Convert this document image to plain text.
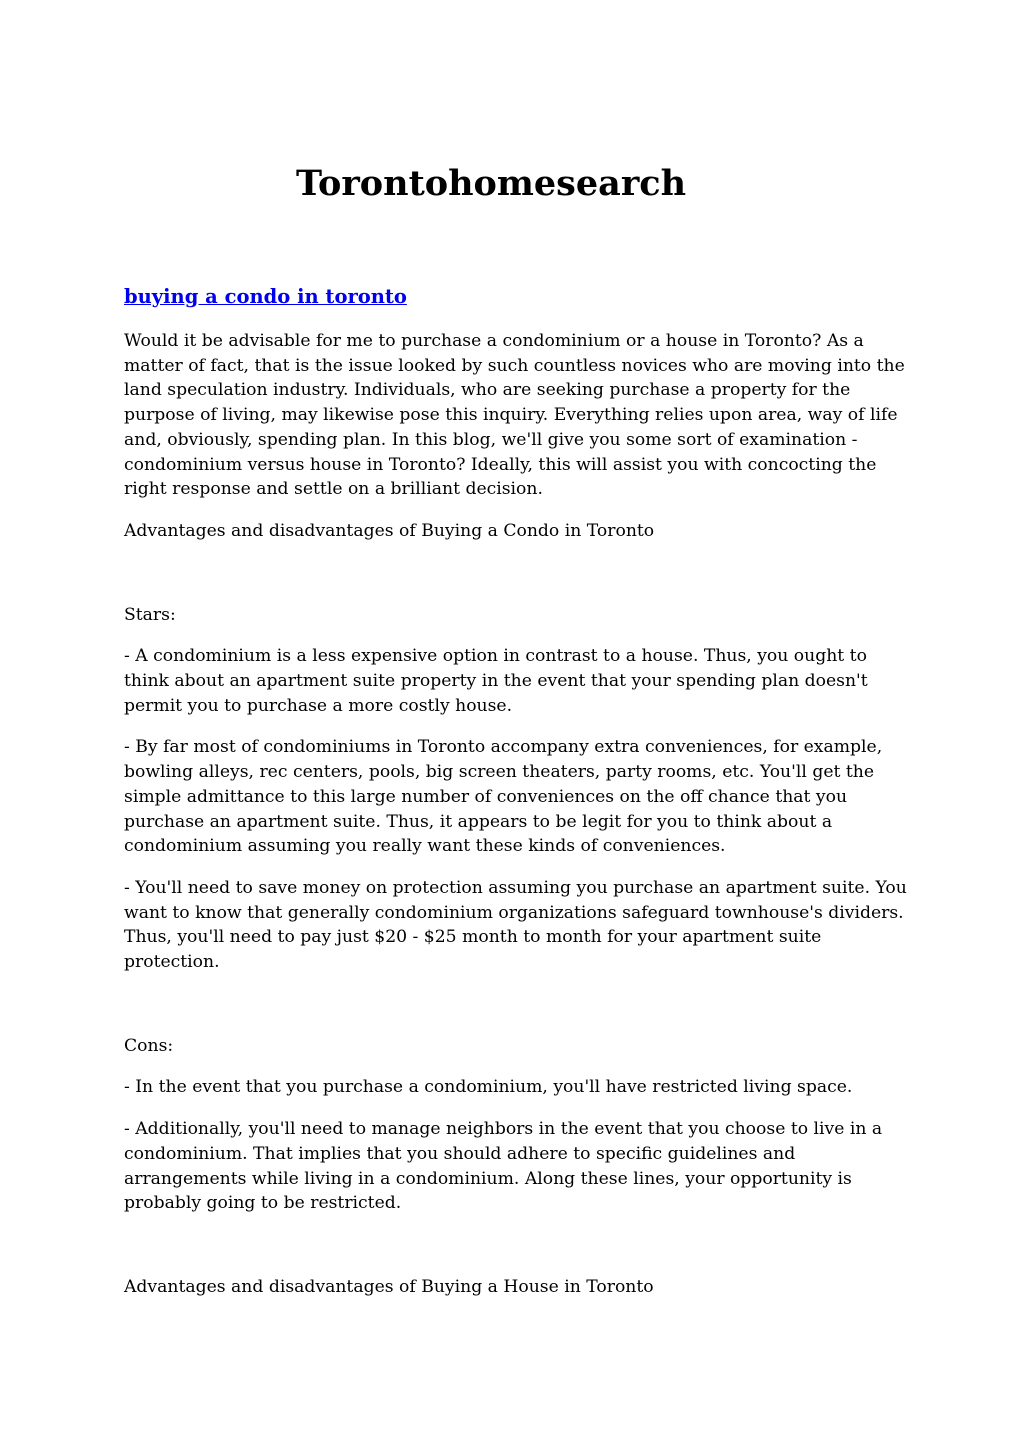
Torontohomesearch
buying a condo in toronto

Would it be advisable for me to purchase a condominium or a house in Toronto? As a matter of fact, that is the issue looked by such countless novices who are moving into the land speculation industry. Individuals, who are seeking purchase a property for the purpose of living, may likewise pose this inquiry. Everything relies upon area, way of life and, obviously, spending plan. In this blog, we'll give you some sort of examination - condominium versus house in Toronto? Ideally, this will assist you with concocting the right response and settle on a brilliant decision.

Advantages and disadvantages of Buying a Condo in Toronto

Stars:

- A condominium is a less expensive option in contrast to a house. Thus, you ought to think about an apartment suite property in the event that your spending plan doesn't permit you to purchase a more costly house.

- By far most of condominiums in Toronto accompany extra conveniences, for example, bowling alleys, rec centers, pools, big screen theaters, party rooms, etc. You'll get the simple admittance to this large number of conveniences on the off chance that you purchase an apartment suite. Thus, it appears to be legit for you to think about a condominium assuming you really want these kinds of conveniences.

- You'll need to save money on protection assuming you purchase an apartment suite. You want to know that generally condominium organizations safeguard townhouse's dividers. Thus, you'll need to pay just $20 - $25 month to month for your apartment suite protection.

Cons:

- In the event that you purchase a condominium, you'll have restricted living space.

- Additionally, you'll need to manage neighbors in the event that you choose to live in a condominium. That implies that you should adhere to specific guidelines and arrangements while living in a condominium. Along these lines, your opportunity is probably going to be restricted.

Advantages and disadvantages of Buying a House in Toronto
